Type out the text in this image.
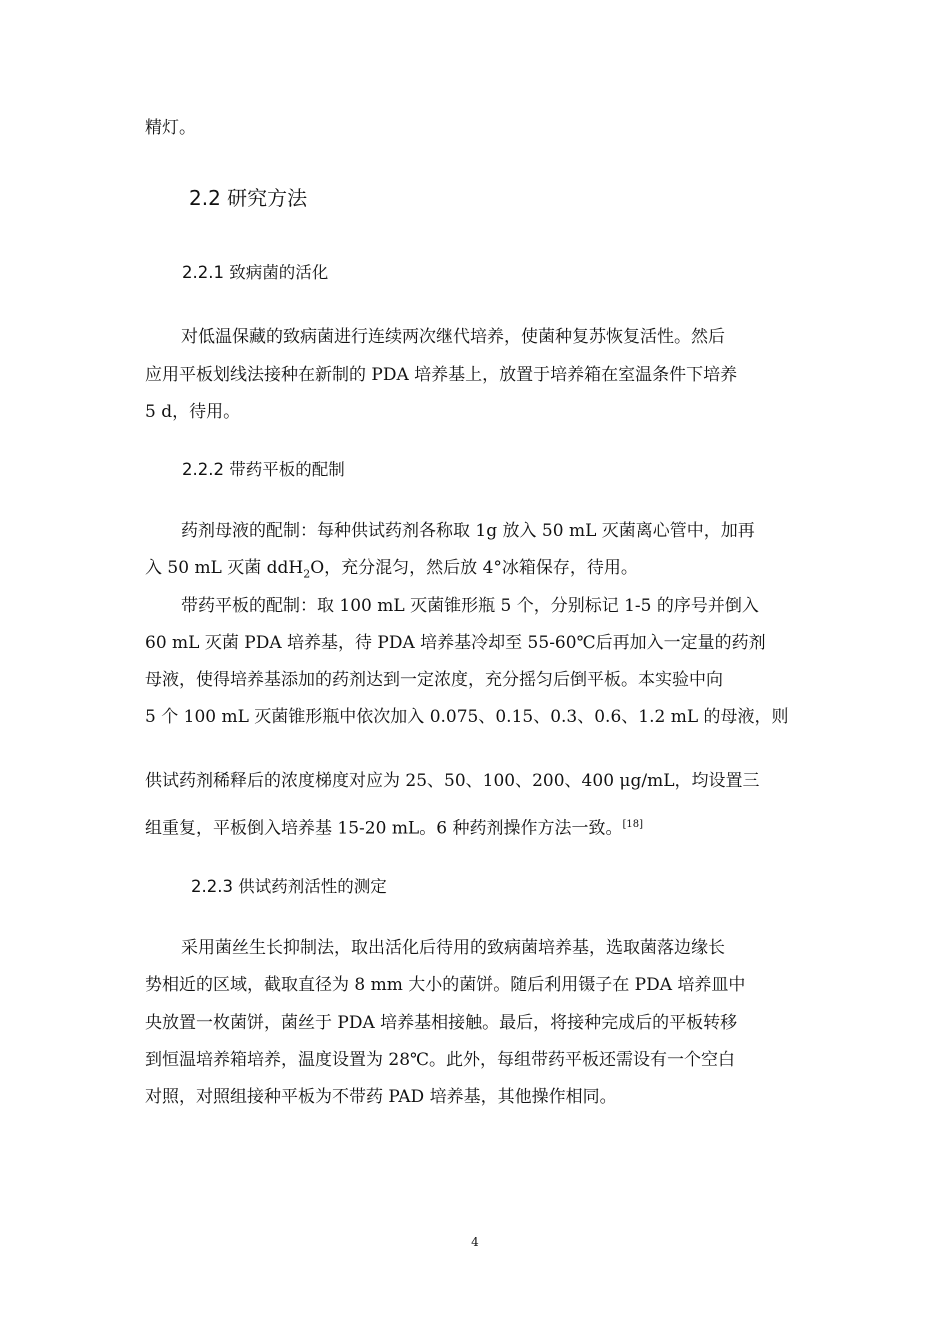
精灯。
2.2 研究方法
2.2.1 致病菌的活化
对低温保藏的致病菌进行连续两次继代培养，使菌种复苏恢复活性。然后
应用平板划线法接种在新制的 PDA 培养基上，放置于培养箱在室温条件下培养
5 d，待用。
2.2.2 带药平板的配制
药剂母液的配制：每种供试药剂各称取 1g 放入 50 mL 灭菌离心管中，加再
入 50 mL 灭菌 ddH$_2$O，充分混匀，然后放 4°冰箱保存，待用。
带药平板的配制：取 100 mL 灭菌锥形瓶 5 个，分别标记 1-5 的序号并倒入
60 mL 灭菌 PDA 培养基，待 PDA 培养基冷却至 55-60℃后再加入一定量的药剂
母液，使得培养基添加的药剂达到一定浓度，充分摇匀后倒平板。本实验中向
5 个 100 mL 灭菌锥形瓶中依次加入 0.075、0.15、0.3、0.6、1.2 mL 的母液，则
供试药剂稀释后的浓度梯度对应为 25、50、100、200、400 μg/mL，均设置三
组重复，平板倒入培养基 15-20 mL。6 种药剂操作方法一致。[18]
2.2.3 供试药剂活性的测定
采用菌丝生长抑制法，取出活化后待用的致病菌培养基，选取菌落边缘长
势相近的区域，截取直径为 8 mm 大小的菌饼。随后利用镊子在 PDA 培养皿中
央放置一枚菌饼，菌丝于 PDA 培养基相接触。最后，将接种完成后的平板转移
到恒温培养箱培养，温度设置为 28℃。此外，每组带药平板还需设有一个空白
对照，对照组接种平板为不带药 PAD 培养基，其他操作相同。
4
